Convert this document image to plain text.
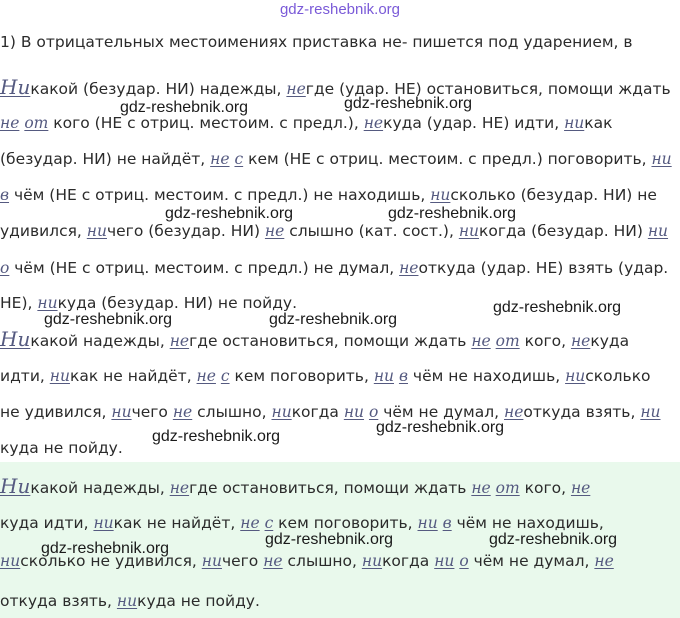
gdz-reshebnik.org
1) В отрицательных местоимениях приставка не- пишется под ударением, в
Никакой (безудар. НИ) надежды, негде (удар. НЕ) остановиться, помощи ждать
не от кого (НЕ с отриц. местоим. с предл.), некуда (удар. НЕ) идти, никак
(безудар. НИ) не найдёт, не с кем (НЕ с отриц. местоим. с предл.) поговорить, ни
в чём (НЕ с отриц. местоим. с предл.) не находишь, нисколько (безудар. НИ) не
удивился, ничего (безудар. НИ) не слышно (кат. сост.), никогда (безудар. НИ) ни
о чём (НЕ с отриц. местоим. с предл.) не думал, неоткуда (удар. НЕ) взять (удар.
НЕ), никуда (безудар. НИ) не пойду.
Никакой надежды, негде остановиться, помощи ждать не от кого, некуда
идти, никак не найдёт, не с кем поговорить, ни в чём не находишь, нисколько
не удивился, ничего не слышно, никогда ни о чём не думал, неоткуда взять, ни
куда не пойду.
Никакой надежды, негде остановиться, помощи ждать не от кого, не
куда идти, никак не найдёт, не с кем поговорить, ни в чём не находишь,
нисколько не удивился, ничего не слышно, никогда ни о чём не думал, не
откуда взять, никуда не пойду.
gdz-reshebnik.org	gdz-reshebnik.org
gdz-reshebnik.org	gdz-reshebnik.org
gdz-reshebnik.org
gdz-reshebnik.org	gdz-reshebnik.org
gdz-reshebnik.org
gdz-reshebnik.org
gdz-reshebnik.org
gdz-reshebnik.org	gdz-reshebnik.org
